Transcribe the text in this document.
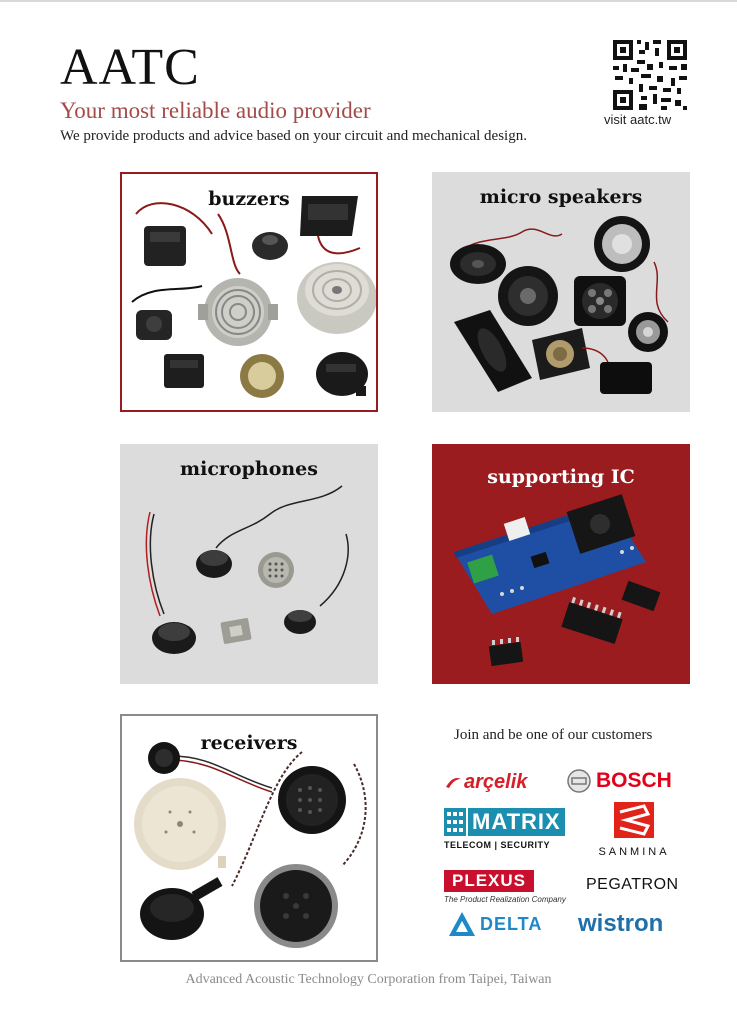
AATC
Your most reliable audio provider
We provide products and advice based on your circuit and mechanical design.
visit aatc.tw
buzzers	micro speakers
microphones	supporting IC
receivers	Join and be one of our customers
arçelik	BOSCH
MATRIX
TELECOM | SECURITY
SANMINA
PLEXUS
The Product Realization Company
PEGATRON
DELTA wistron
Advanced Acoustic Technology Corporation from Taipei, Taiwan
